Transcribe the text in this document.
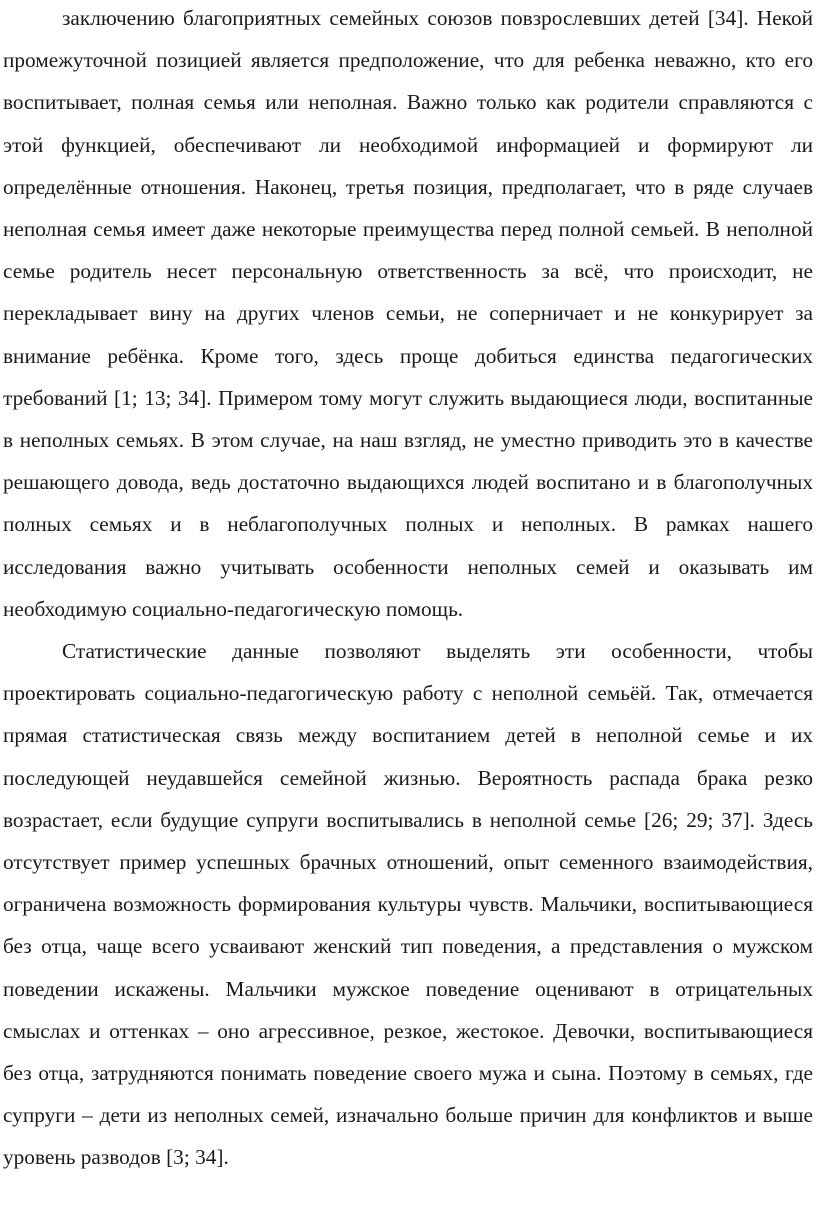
заключению благоприятных семейных союзов повзрослевших детей [34]. Некой промежуточной позицией является предположение, что для ребенка неважно, кто его воспитывает, полная семья или неполная. Важно только как родители справляются с этой функцией, обеспечивают ли необходимой информацией и формируют ли определённые отношения. Наконец, третья позиция, предполагает, что в ряде случаев неполная семья имеет даже некоторые преимущества перед полной семьей. В неполной семье родитель несет персональную ответственность за всё, что происходит, не перекладывает вину на других членов семьи, не соперничает и не конкурирует за внимание ребёнка. Кроме того, здесь проще добиться единства педагогических требований [1; 13; 34]. Примером тому могут служить выдающиеся люди, воспитанные в неполных семьях. В этом случае, на наш взгляд, не уместно приводить это в качестве решающего довода, ведь достаточно выдающихся людей воспитано и в благополучных полных семьях и в неблагополучных полных и неполных. В рамках нашего исследования важно учитывать особенности неполных семей и оказывать им необходимую социально-педагогическую помощь.

Статистические данные позволяют выделять эти особенности, чтобы проектировать социально-педагогическую работу с неполной семьёй. Так, отмечается прямая статистическая связь между воспитанием детей в неполной семье и их последующей неудавшейся семейной жизнью. Вероятность распада брака резко возрастает, если будущие супруги воспитывались в неполной семье [26; 29; 37]. Здесь отсутствует пример успешных брачных отношений, опыт семенного взаимодействия, ограничена возможность формирования культуры чувств. Мальчики, воспитывающиеся без отца, чаще всего усваивают женский тип поведения, а представления о мужском поведении искажены. Мальчики мужское поведение оценивают в отрицательных смыслах и оттенках – оно агрессивное, резкое, жестокое. Девочки, воспитывающиеся без отца, затрудняются понимать поведение своего мужа и сына. Поэтому в семьях, где супруги – дети из неполных семей, изначально больше причин для конфликтов и выше уровень разводов [3; 34].
